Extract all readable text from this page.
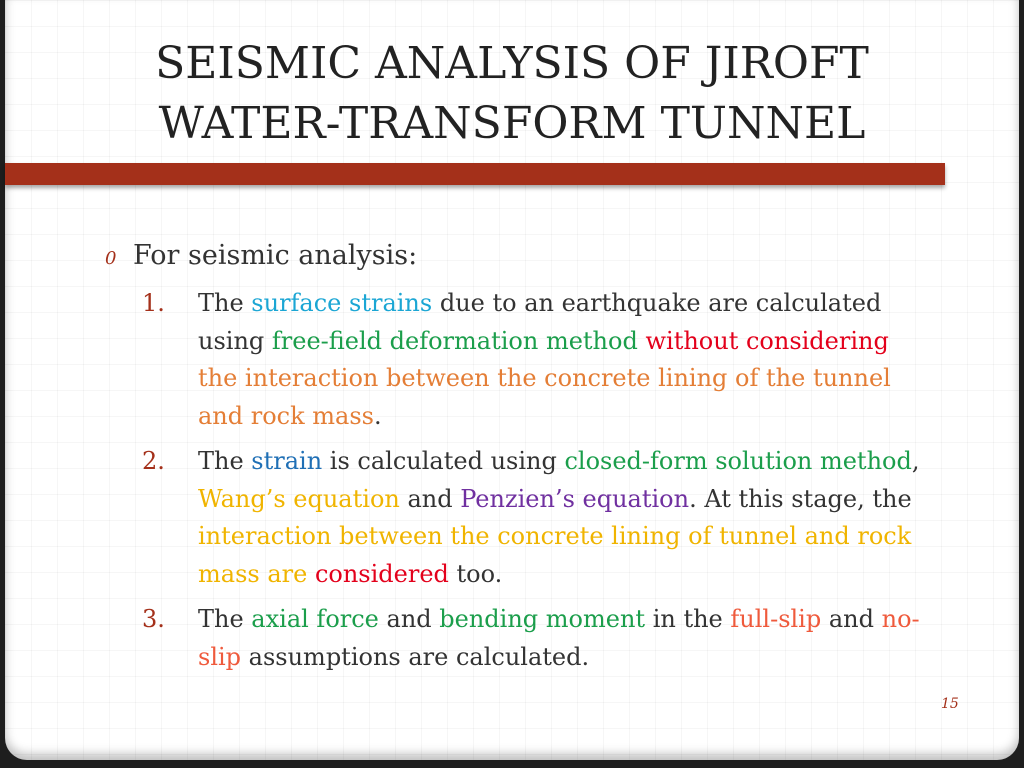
SEISMIC ANALYSIS OF JIROFT
WATER-TRANSFORM TUNNEL
0 For seismic analysis:
1.	The surface strains due to an earthquake are calculated using free-field deformation method without considering the interaction between the concrete lining of the tunnel and rock mass.
2.	The strain is calculated using closed-form solution method, Wang’s equation and Penzien’s equation. At this stage, the interaction between the concrete lining of tunnel and rock mass are considered too.
3.	The axial force and bending moment in the full-slip and no-slip assumptions are calculated.
15
